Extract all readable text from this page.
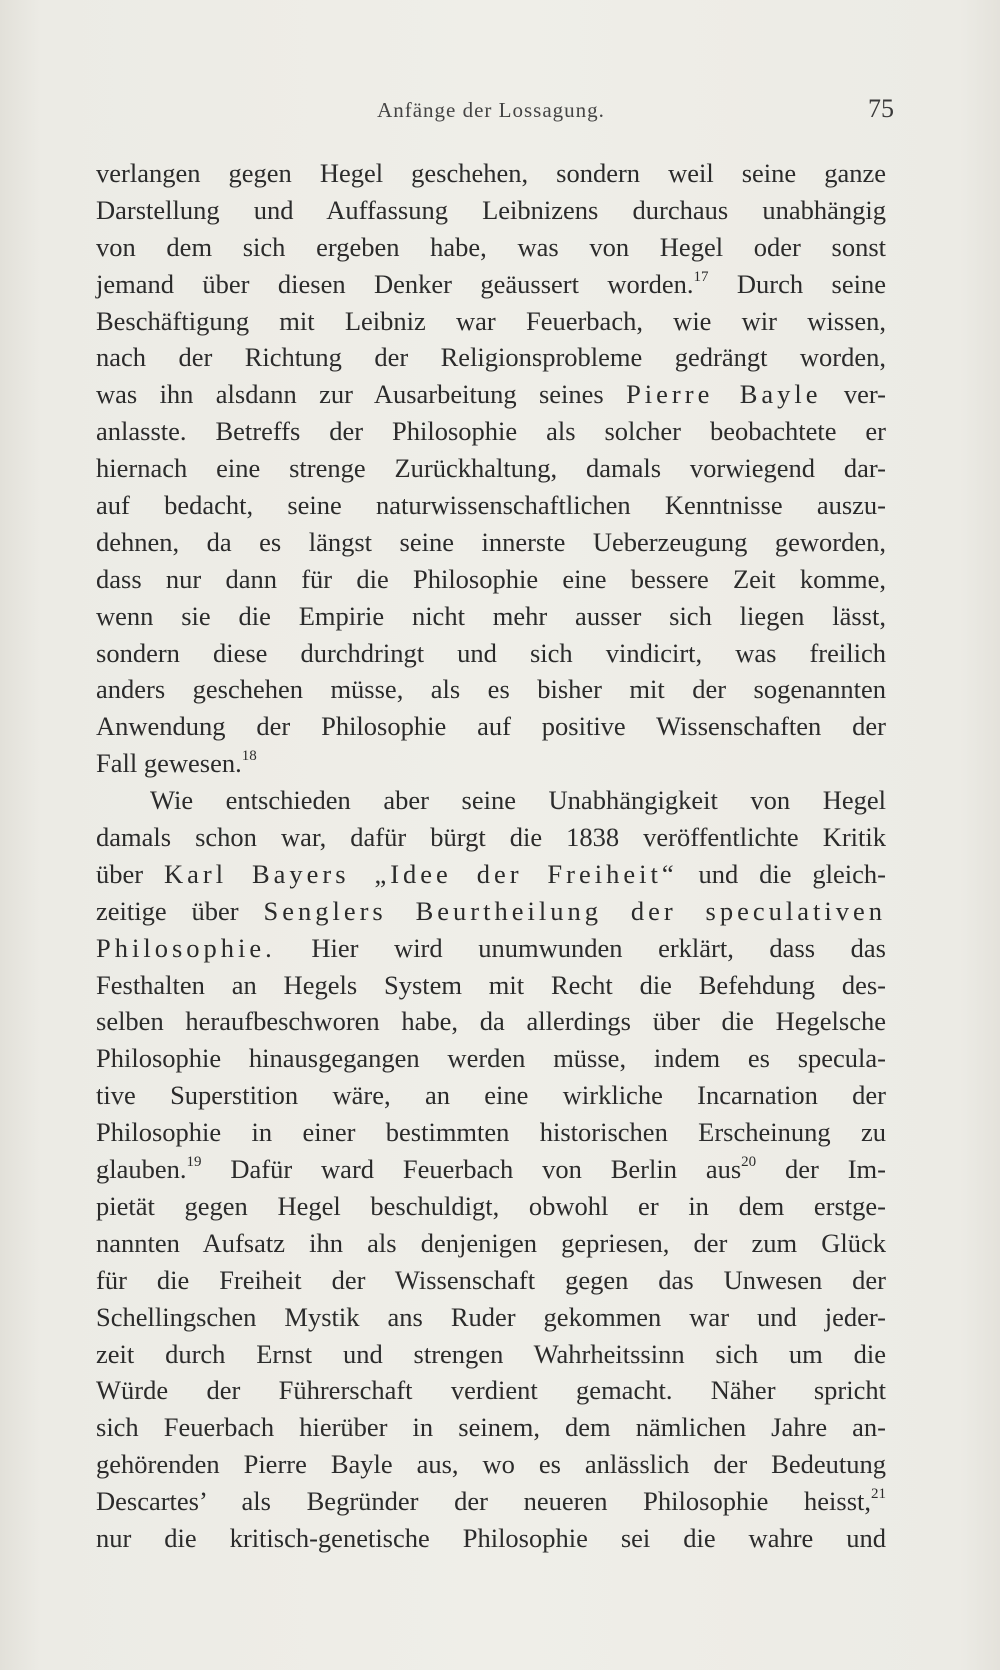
Anfänge der Lossagung.	75
verlangen gegen Hegel geschehen, sondern weil seine ganze
Darstellung und Auffassung Leibnizens durchaus unabhängig
von dem sich ergeben habe, was von Hegel oder sonst
jemand über diesen Denker geäussert worden.$^{17}$ Durch seine
Beschäftigung mit Leibniz war Feuerbach, wie wir wissen,
nach der Richtung der Religionsprobleme gedrängt worden,
was ihn alsdann zur Ausarbeitung seines Pierre Bayle ver-
anlasste. Betreffs der Philosophie als solcher beobachtete er
hiernach eine strenge Zurückhaltung, damals vorwiegend dar-
auf bedacht, seine naturwissenschaftlichen Kenntnisse auszu-
dehnen, da es längst seine innerste Ueberzeugung geworden,
dass nur dann für die Philosophie eine bessere Zeit komme,
wenn sie die Empirie nicht mehr ausser sich liegen lässt,
sondern diese durchdringt und sich vindicirt, was freilich
anders geschehen müsse, als es bisher mit der sogenannten
Anwendung der Philosophie auf positive Wissenschaften der
Fall gewesen.$^{18}$
Wie entschieden aber seine Unabhängigkeit von Hegel
damals schon war, dafür bürgt die 1838 veröffentlichte Kritik
über Karl Bayers „Idee der Freiheit“ und die gleich-
zeitige über Senglers Beurtheilung der speculativen
Philosophie. Hier wird unumwunden erklärt, dass das
Festhalten an Hegels System mit Recht die Befehdung des-
selben heraufbeschworen habe, da allerdings über die Hegelsche
Philosophie hinausgegangen werden müsse, indem es specula-
tive Superstition wäre, an eine wirkliche Incarnation der
Philosophie in einer bestimmten historischen Erscheinung zu
glauben.$^{19}$ Dafür ward Feuerbach von Berlin aus$^{20}$ der Im-
pietät gegen Hegel beschuldigt, obwohl er in dem erstge-
nannten Aufsatz ihn als denjenigen gepriesen, der zum Glück
für die Freiheit der Wissenschaft gegen das Unwesen der
Schellingschen Mystik ans Ruder gekommen war und jeder-
zeit durch Ernst und strengen Wahrheitssinn sich um die
Würde der Führerschaft verdient gemacht. Näher spricht
sich Feuerbach hierüber in seinem, dem nämlichen Jahre an-
gehörenden Pierre Bayle aus, wo es anlässlich der Bedeutung
Descartes’ als Begründer der neueren Philosophie heisst,$^{21}$
nur die kritisch-genetische Philosophie sei die wahre und
